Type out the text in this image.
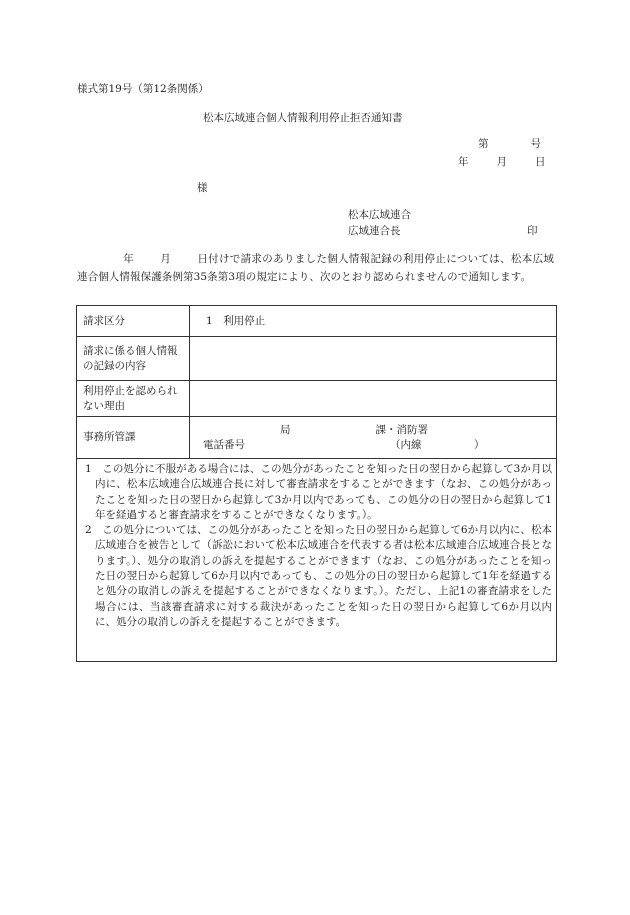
様式第19号（第12条関係）
松本広域連合個人情報利用停止拒否通知書
第	号
年	月	日
様
松本広域連合
広域連合長	印
年 月 日付けで請求のありました個人情報記録の利用停止については、松本広域連合個人情報保護条例第35条第3項の規定により、次のとおり認められませんので通知します。
請求区分	1　利用停止
請求に係る個人情報の記録の内容	
利用停止を認められない理由	
事務所管課	局 課・消防署
電話番号 （内線　　　　　）

1　この処分に不服がある場合には、この処分があったことを知った日の翌日から起算して3か月以内に、松本広域連合広域連合長に対して審査請求をすることができます（なお、この処分があったことを知った日の翌日から起算して3か月以内であっても、この処分の日の翌日から起算して1年を経過すると審査請求をすることができなくなります。）。

2　この処分については、この処分があったことを知った日の翌日から起算して6か月以内に、松本広域連合を被告として（訴訟において松本広域連合を代表する者は松本広域連合広域連合長となります。）、処分の取消しの訴えを提起することができます（なお、この処分があったことを知った日の翌日から起算して6か月以内であっても、この処分の日の翌日から起算して1年を経過すると処分の取消しの訴えを提起することができなくなります。）。ただし、上記1の審査請求をした場合には、当該審査請求に対する裁決があったことを知った日の翌日から起算して6か月以内に、処分の取消しの訴えを提起することができます。
